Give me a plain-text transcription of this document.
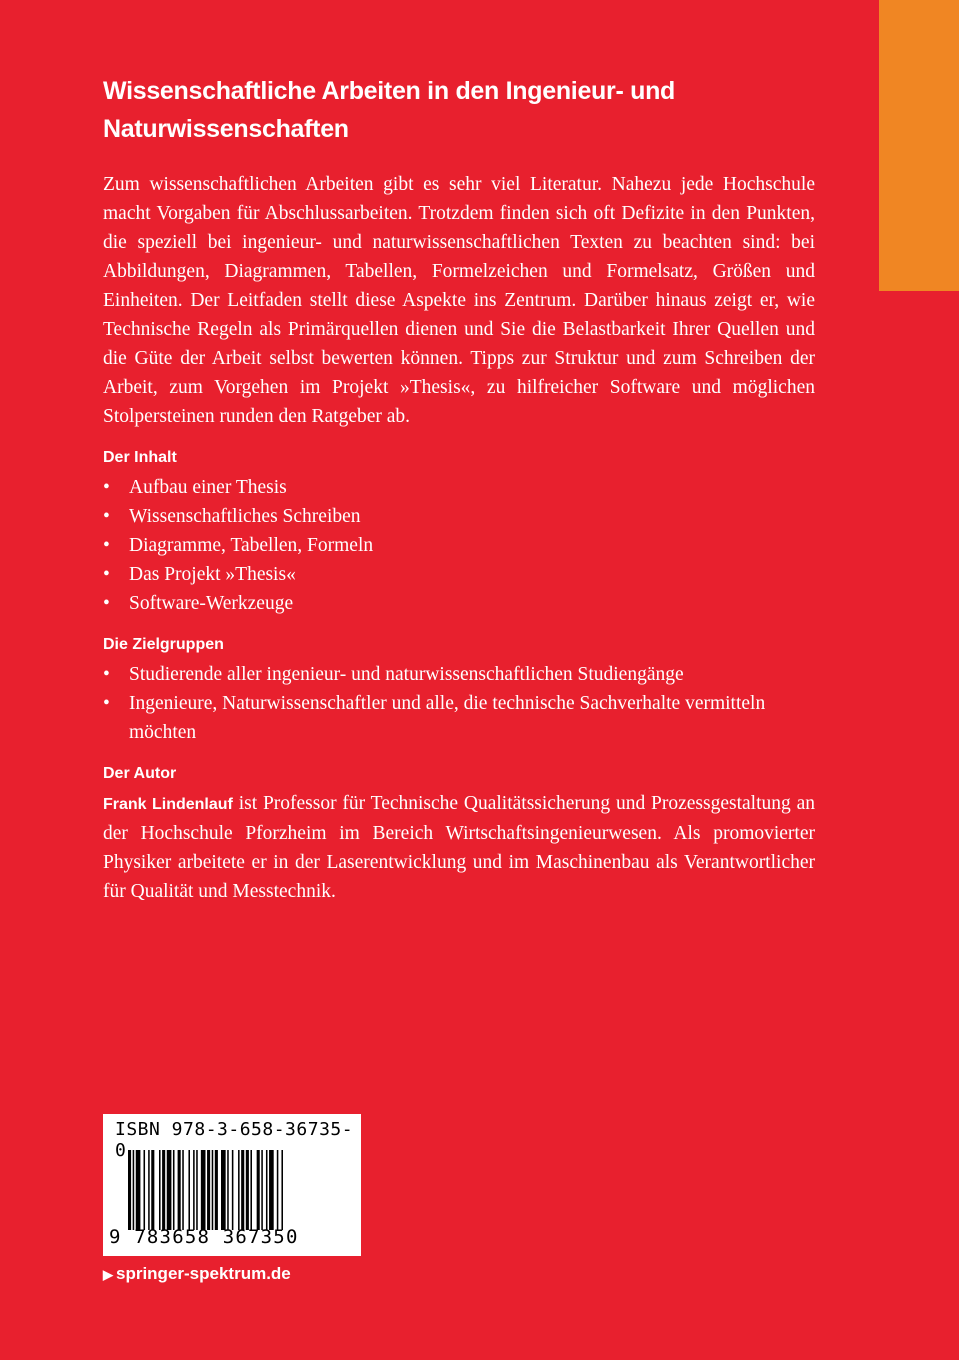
Wissenschaftliche Arbeiten in den Ingenieur- und
Naturwissenschaften

Zum wissenschaftlichen Arbeiten gibt es sehr viel Literatur. Nahezu jede Hochschule macht Vorgaben für Abschlussarbeiten. Trotzdem finden sich oft Defizite in den Punkten, die speziell bei ingenieur- und naturwissenschaftlichen Texten zu beachten sind: bei Abbildungen, Diagrammen, Tabellen, Formelzeichen und Formelsatz, Größen und Einheiten. Der Leitfaden stellt diese Aspekte ins Zentrum. Darüber hinaus zeigt er, wie Technische Regeln als Primärquellen dienen und Sie die Belastbarkeit Ihrer Quellen und die Güte der Arbeit selbst bewerten können. Tipps zur Struktur und zum Schreiben der Arbeit, zum Vorgehen im Projekt »Thesis«, zu hilfreicher Software und möglichen Stolpersteinen runden den Ratgeber ab.

Der Inhalt
• Aufbau einer Thesis
• Wissenschaftliches Schreiben
• Diagramme, Tabellen, Formeln
• Das Projekt »Thesis«
• Software-Werkzeuge
Die Zielgruppen
• Studierende aller ingenieur- und naturwissenschaftlichen Studiengänge
• Ingenieure, Naturwissenschaftler und alle, die technische Sachverhalte vermitteln möchten
Der Autor

Frank Lindenlauf ist Professor für Technische Qualitätssicherung und Prozessgestaltung an der Hochschule Pforzheim im Bereich Wirtschaftsingenieurwesen. Als promovierter Physiker arbeitete er in der Laserentwicklung und im Maschinenbau als Verantwortlicher für Qualität und Messtechnik.

ISBN 978-3-658-36735-0
9 783658 367350
▶ springer-spektrum.de
